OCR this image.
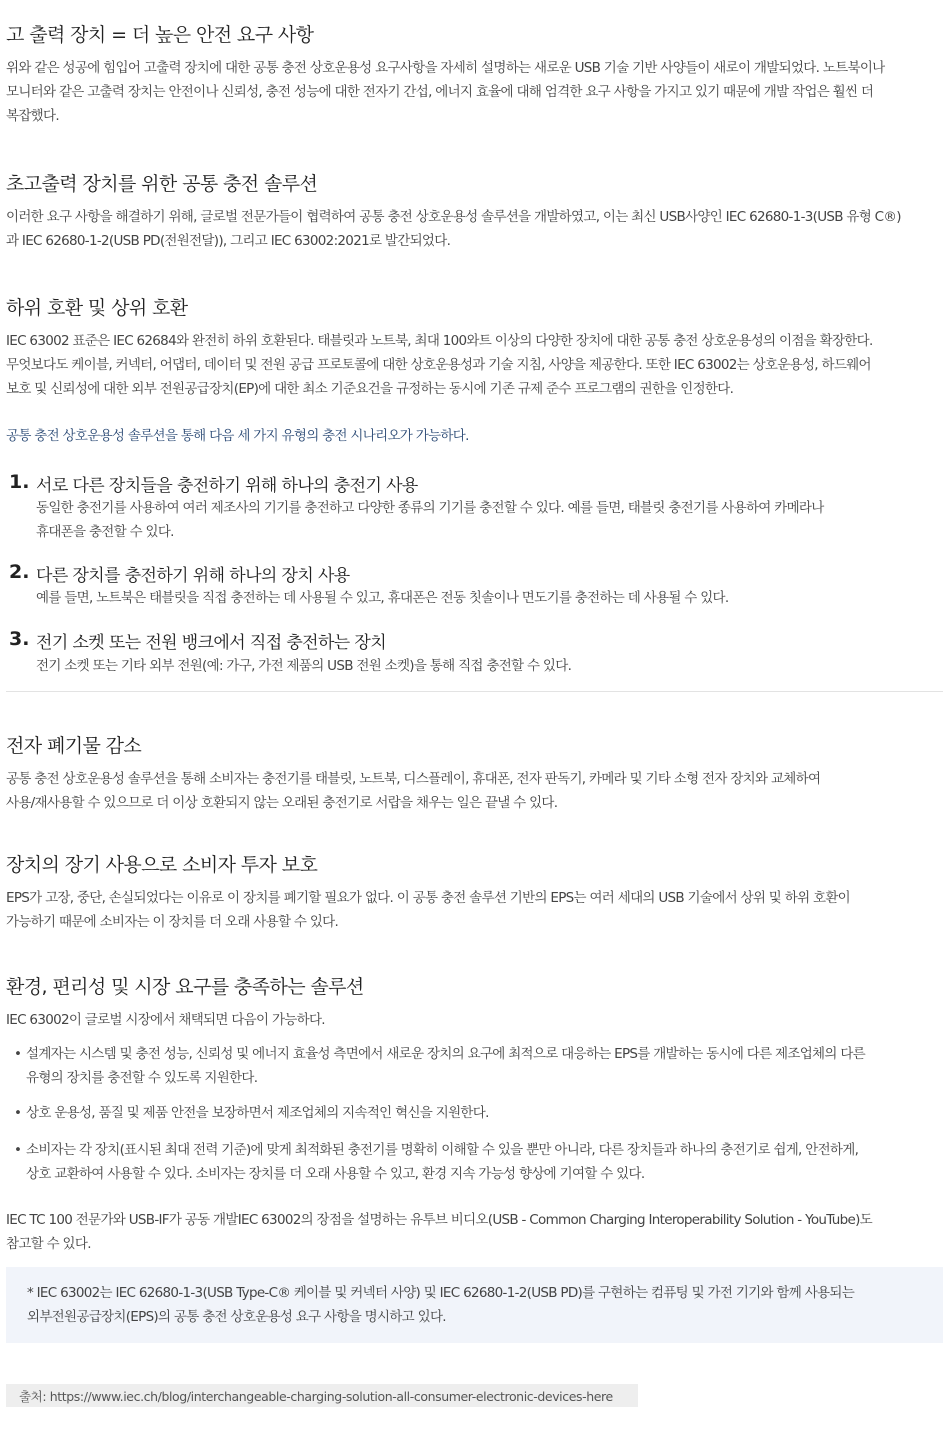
고 출력 장치 = 더 높은 안전 요구 사항
위와 같은 성공에 힘입어 고출력 장치에 대한 공통 충전 상호운용성 요구사항을 자세히 설명하는 새로운 USB 기술 기반 사양들이 새로이 개발되었다. 노트북이나
모니터와 같은 고출력 장치는 안전이나 신뢰성, 충전 성능에 대한 전자기 간섭, 에너지 효율에 대해 엄격한 요구 사항을 가지고 있기 때문에 개발 작업은 훨씬 더
복잡했다.
초고출력 장치를 위한 공통 충전 솔루션
이러한 요구 사항을 해결하기 위해, 글로벌 전문가들이 협력하여 공통 충전 상호운용성 솔루션을 개발하였고, 이는 최신 USB사양인 IEC 62680-1-3(USB 유형 C®)
과 IEC 62680-1-2(USB PD(전원전달)), 그리고 IEC 63002:2021로 발간되었다.
하위 호환 및 상위 호환
IEC 63002 표준은 IEC 62684와 완전히 하위 호환된다. 태블릿과 노트북, 최대 100와트 이상의 다양한 장치에 대한 공통 충전 상호운용성의 이점을 확장한다.
무엇보다도 케이블, 커넥터, 어댑터, 데이터 및 전원 공급 프로토콜에 대한 상호운용성과 기술 지침, 사양을 제공한다. 또한 IEC 63002는 상호운용성, 하드웨어
보호 및 신뢰성에 대한 외부 전원공급장치(EP)에 대한 최소 기준요건을 규정하는 동시에 기존 규제 준수 프로그램의 권한을 인정한다.
공통 충전 상호운용성 솔루션을 통해 다음 세 가지 유형의 충전 시나리오가 가능하다.
1. 서로 다른 장치들을 충전하기 위해 하나의 충전기 사용
동일한 충전기를 사용하여 여러 제조사의 기기를 충전하고 다양한 종류의 기기를 충전할 수 있다. 예를 들면, 태블릿 충전기를 사용하여 카메라나
휴대폰을 충전할 수 있다.
2. 다른 장치를 충전하기 위해 하나의 장치 사용
예를 들면, 노트북은 태블릿을 직접 충전하는 데 사용될 수 있고, 휴대폰은 전동 칫솔이나 면도기를 충전하는 데 사용될 수 있다.
3. 전기 소켓 또는 전원 뱅크에서 직접 충전하는 장치
전기 소켓 또는 기타 외부 전원(예: 가구, 가전 제품의 USB 전원 소켓)을 통해 직접 충전할 수 있다.
전자 폐기물 감소
공통 충전 상호운용성 솔루션을 통해 소비자는 충전기를 태블릿, 노트북, 디스플레이, 휴대폰, 전자 판독기, 카메라 및 기타 소형 전자 장치와 교체하여
사용/재사용할 수 있으므로 더 이상 호환되지 않는 오래된 충전기로 서랍을 채우는 일은 끝낼 수 있다.
장치의 장기 사용으로 소비자 투자 보호
EPS가 고장, 중단, 손실되었다는 이유로 이 장치를 폐기할 필요가 없다. 이 공통 충전 솔루션 기반의 EPS는 여러 세대의 USB 기술에서 상위 및 하위 호환이
가능하기 때문에 소비자는 이 장치를 더 오래 사용할 수 있다.
환경, 편리성 및 시장 요구를 충족하는 솔루션
IEC 63002이 글로벌 시장에서 채택되면 다음이 가능하다.
• 설계자는 시스템 및 충전 성능, 신뢰성 및 에너지 효율성 측면에서 새로운 장치의 요구에 최적으로 대응하는 EPS를 개발하는 동시에 다른 제조업체의 다른
유형의 장치를 충전할 수 있도록 지원한다.
• 상호 운용성, 품질 및 제품 안전을 보장하면서 제조업체의 지속적인 혁신을 지원한다.
• 소비자는 각 장치(표시된 최대 전력 기준)에 맞게 최적화된 충전기를 명확히 이해할 수 있을 뿐만 아니라, 다른 장치들과 하나의 충전기로 쉽게, 안전하게,
상호 교환하여 사용할 수 있다. 소비자는 장치를 더 오래 사용할 수 있고, 환경 지속 가능성 향상에 기여할 수 있다.
IEC TC 100 전문가와 USB-IF가 공동 개발IEC 63002의 장점을 설명하는 유투브 비디오(USB - Common Charging Interoperability Solution - YouTube)도
참고할 수 있다.
* IEC 63002는 IEC 62680-1-3(USB Type-C® 케이블 및 커넥터 사양) 및 IEC 62680-1-2(USB PD)를 구현하는 컴퓨팅 및 가전 기기와 함께 사용되는
외부전원공급장치(EPS)의 공통 충전 상호운용성 요구 사항을 명시하고 있다.
출처: https://www.iec.ch/blog/interchangeable-charging-solution-all-consumer-electronic-devices-here
